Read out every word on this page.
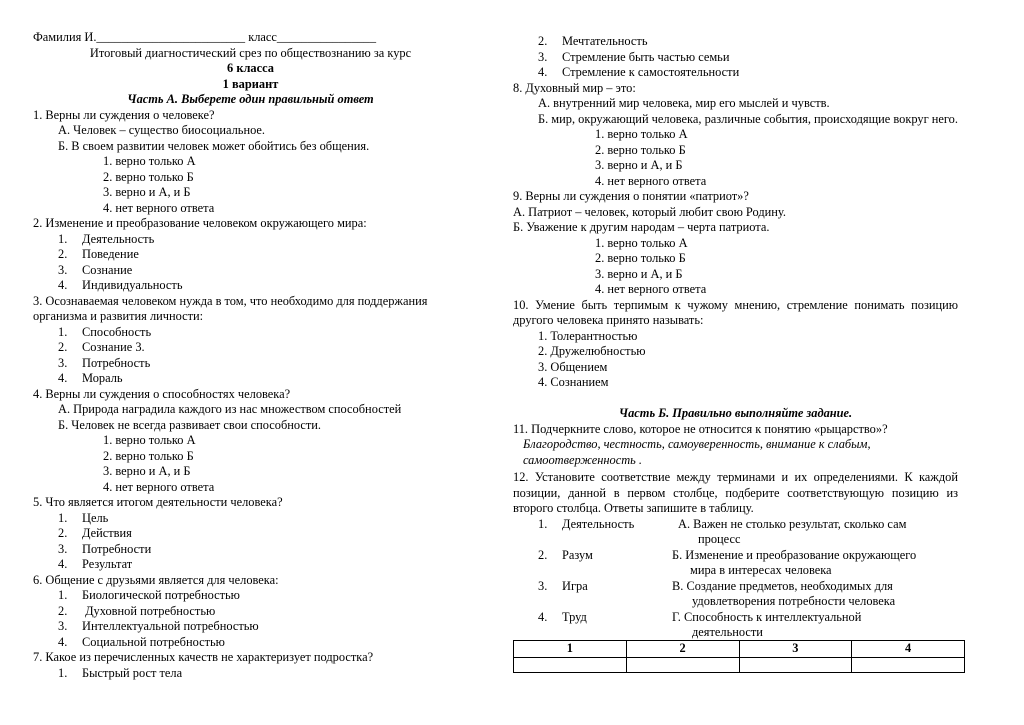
Фамилия И.________________________ класс________________
Итоговый диагностический срез по обществознанию за курс
6 класса
1 вариант
Часть А. Выберете один правильный ответ
1. Верны ли суждения о человеке?
А. Человек – существо биосоциальное.
Б. В своем развитии человек может обойтись без общения.
1. верно только А
2. верно только Б
3. верно и А, и Б
4. нет верного ответа
2. Изменение и преобразование человеком окружающего мира:
1. Деятельность
2. Поведение
3. Сознание
4. Индивидуальность
3. Осознаваемая человеком нужда в том, что необходимо для поддержания организма и развития личности:
1. Способность
2. Сознание 3.
3. Потребность
4. Мораль
4. Верны ли суждения о способностях человека?
А. Природа наградила каждого из нас множеством способностей
Б. Человек не всегда развивает свои способности.
1. верно только А
2. верно только Б
3. верно и А, и Б
4. нет верного ответа
5. Что является итогом деятельности человека?
1. Цель
2. Действия
3. Потребности
4. Результат
6. Общение с друзьями является для человека:
1. Биологической потребностью
2. Духовной потребностью
3. Интеллектуальной потребностью
4. Социальной потребностью
7. Какое из перечисленных качеств не характеризует подростка?
1. Быстрый рост тела
2. Мечтательность
3. Стремление быть частью семьи
4. Стремление к самостоятельности
8. Духовный мир – это:
А. внутренний мир человека, мир его мыслей и чувств.
Б. мир, окружающий человека, различные события, происходящие вокруг него.
1. верно только А
2. верно только Б
3. верно и А, и Б
4. нет верного ответа
9. Верны ли суждения о понятии «патриот»?
А. Патриот – человек, который любит свою Родину.
Б. Уважение к другим народам – черта патриота.
1. верно только А
2. верно только Б
3. верно и А, и Б
4. нет верного ответа
10. Умение быть терпимым к чужому мнению, стремление понимать позицию другого человека принято называть:
1. Толерантностью
2. Дружелюбностью
3. Общением
4. Сознанием
Часть Б. Правильно выполняйте задание.
11. Подчеркните слово, которое не относится к понятию «рыцарство»?
Благородство, честность, самоуверенность, внимание к слабым, самоотверженность .
12. Установите соответствие между терминами и их определениями. К каждой позиции, данной в первом столбце, подберите соответствующую позицию из второго столбца. Ответы запишите в таблицу.
1. Деятельность	А. Важен не столько результат, сколько сам
процесс
2. Разум	Б. Изменение и преобразование окружающего
мира в интересах человека
3. Игра	В. Создание предметов, необходимых для
удовлетворения потребности человека
4. Труд	Г. Способность к интеллектуальной
деятельности
1	2	3	4
